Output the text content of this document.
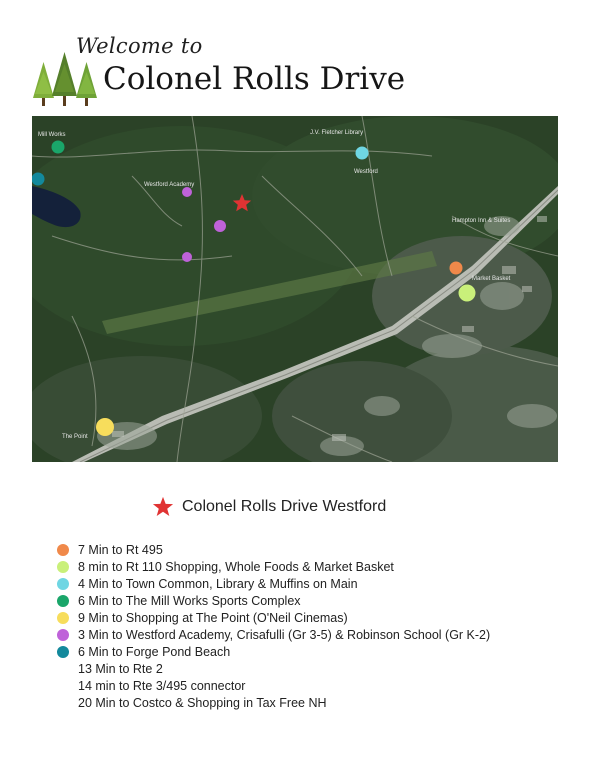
Welcome to
Colonel Rolls Drive
J.V. Fletcher Library
Westford
Hampton Inn & Suites
Market Basket
Westford Academy
The Point
Mill Works
Colonel Rolls Drive Westford
7 Min to Rt 495
8 min to Rt 110 Shopping, Whole Foods & Market Basket
4 Min to Town Common, Library & Muffins on Main
6 Min to The Mill Works Sports Complex
9 Min to Shopping at The Point (O'Neil Cinemas)
3 Min to Westford Academy, Crisafulli (Gr 3-5) & Robinson School (Gr K-2)
6 Min to Forge Pond Beach
13 Min to Rte 2
14 min to Rte 3/495 connector
20 Min to Costco & Shopping in Tax Free NH
